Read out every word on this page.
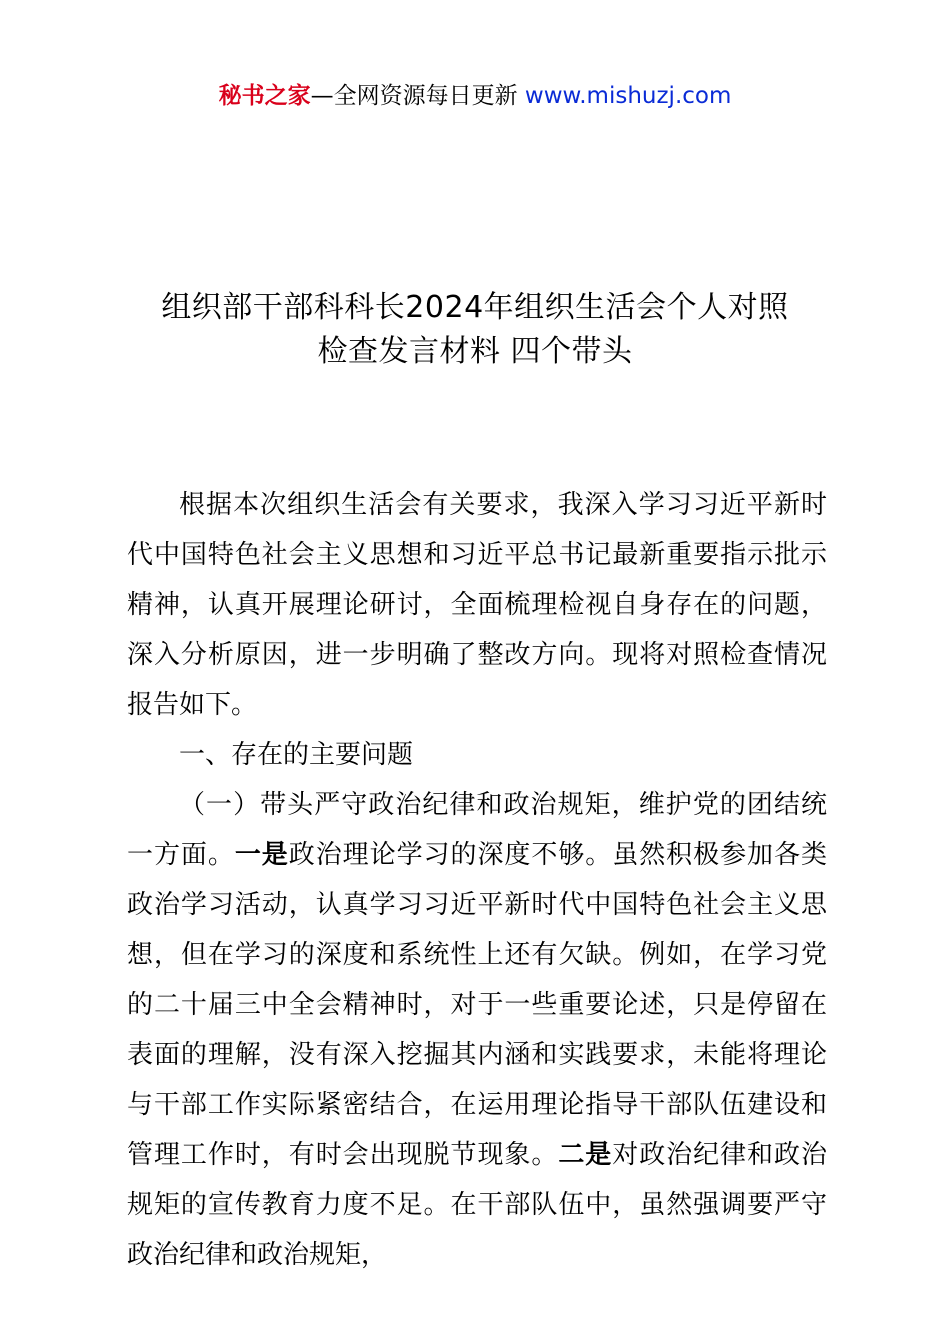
秘书之家—全网资源每日更新 www.mishuzj.com
组织部干部科科长2024年组织生活会个人对照
检查发言材料 四个带头

根据本次组织生活会有关要求，我深入学习习近平新时代中国特色社会主义思想和习近平总书记最新重要指示批示精神，认真开展理论研讨，全面梳理检视自身存在的问题，深入分析原因，进一步明确了整改方向。现将对照检查情况报告如下。

一、存在的主要问题

（一）带头严守政治纪律和政治规矩，维护党的团结统一方面。一是政治理论学习的深度不够。虽然积极参加各类政治学习活动，认真学习习近平新时代中国特色社会主义思想，但在学习的深度和系统性上还有欠缺。例如，在学习党的二十届三中全会精神时，对于一些重要论述，只是停留在表面的理解，没有深入挖掘其内涵和实践要求，未能将理论与干部工作实际紧密结合，在运用理论指导干部队伍建设和管理工作时，有时会出现脱节现象。二是对政治纪律和政治规矩的宣传教育力度不足。在干部队伍中，虽然强调要严守政治纪律和政治规矩，
